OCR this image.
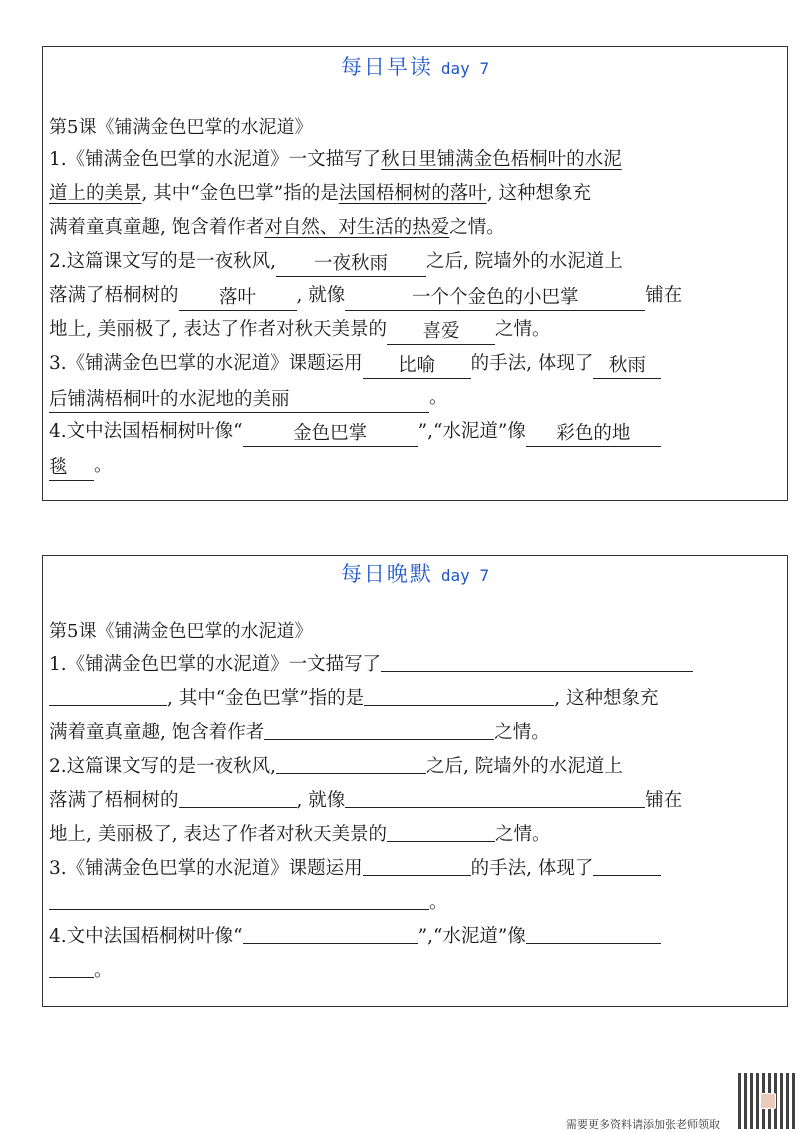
每日早读 day 7
第5课《铺满金色巴掌的水泥道》
1.《铺满金色巴掌的水泥道》一文描写了秋日里铺满金色梧桐叶的水泥
道上的美景, 其中“金色巴掌”指的是法国梧桐树的落叶, 这种想象充
满着童真童趣, 饱含着作者对自然、对生活的热爱之情。
2.这篇课文写的是一夜秋风, 一夜秋雨 之后, 院墙外的水泥道上
落满了梧桐树的 落叶 , 就像	一个个金色的小巴掌	铺在
地上, 美丽极了, 表达了作者对秋天美景的 喜爱 之情。
3.《铺满金色巴掌的水泥道》课题运用 比喻 的手法, 体现了 秋雨
后铺满梧桐叶的水泥地的美丽	。
4.文中法国梧桐树叶像“	金色巴掌	”,“水泥道”像 彩色的地
毯 。
每日晚默 day 7
第5课《铺满金色巴掌的水泥道》
1.《铺满金色巴掌的水泥道》一文描写了
, 其中“金色巴掌”指的是	, 这种想象充
满着童真童趣, 饱含着作者	之情。
2.这篇课文写的是一夜秋风,	之后, 院墙外的水泥道上
落满了梧桐树的	, 就像	铺在
地上, 美丽极了, 表达了作者对秋天美景的	之情。
3.《铺满金色巴掌的水泥道》课题运用	的手法, 体现了
。
4.文中法国梧桐树叶像“	”,“水泥道”像
。
需要更多资料请添加张老师领取
